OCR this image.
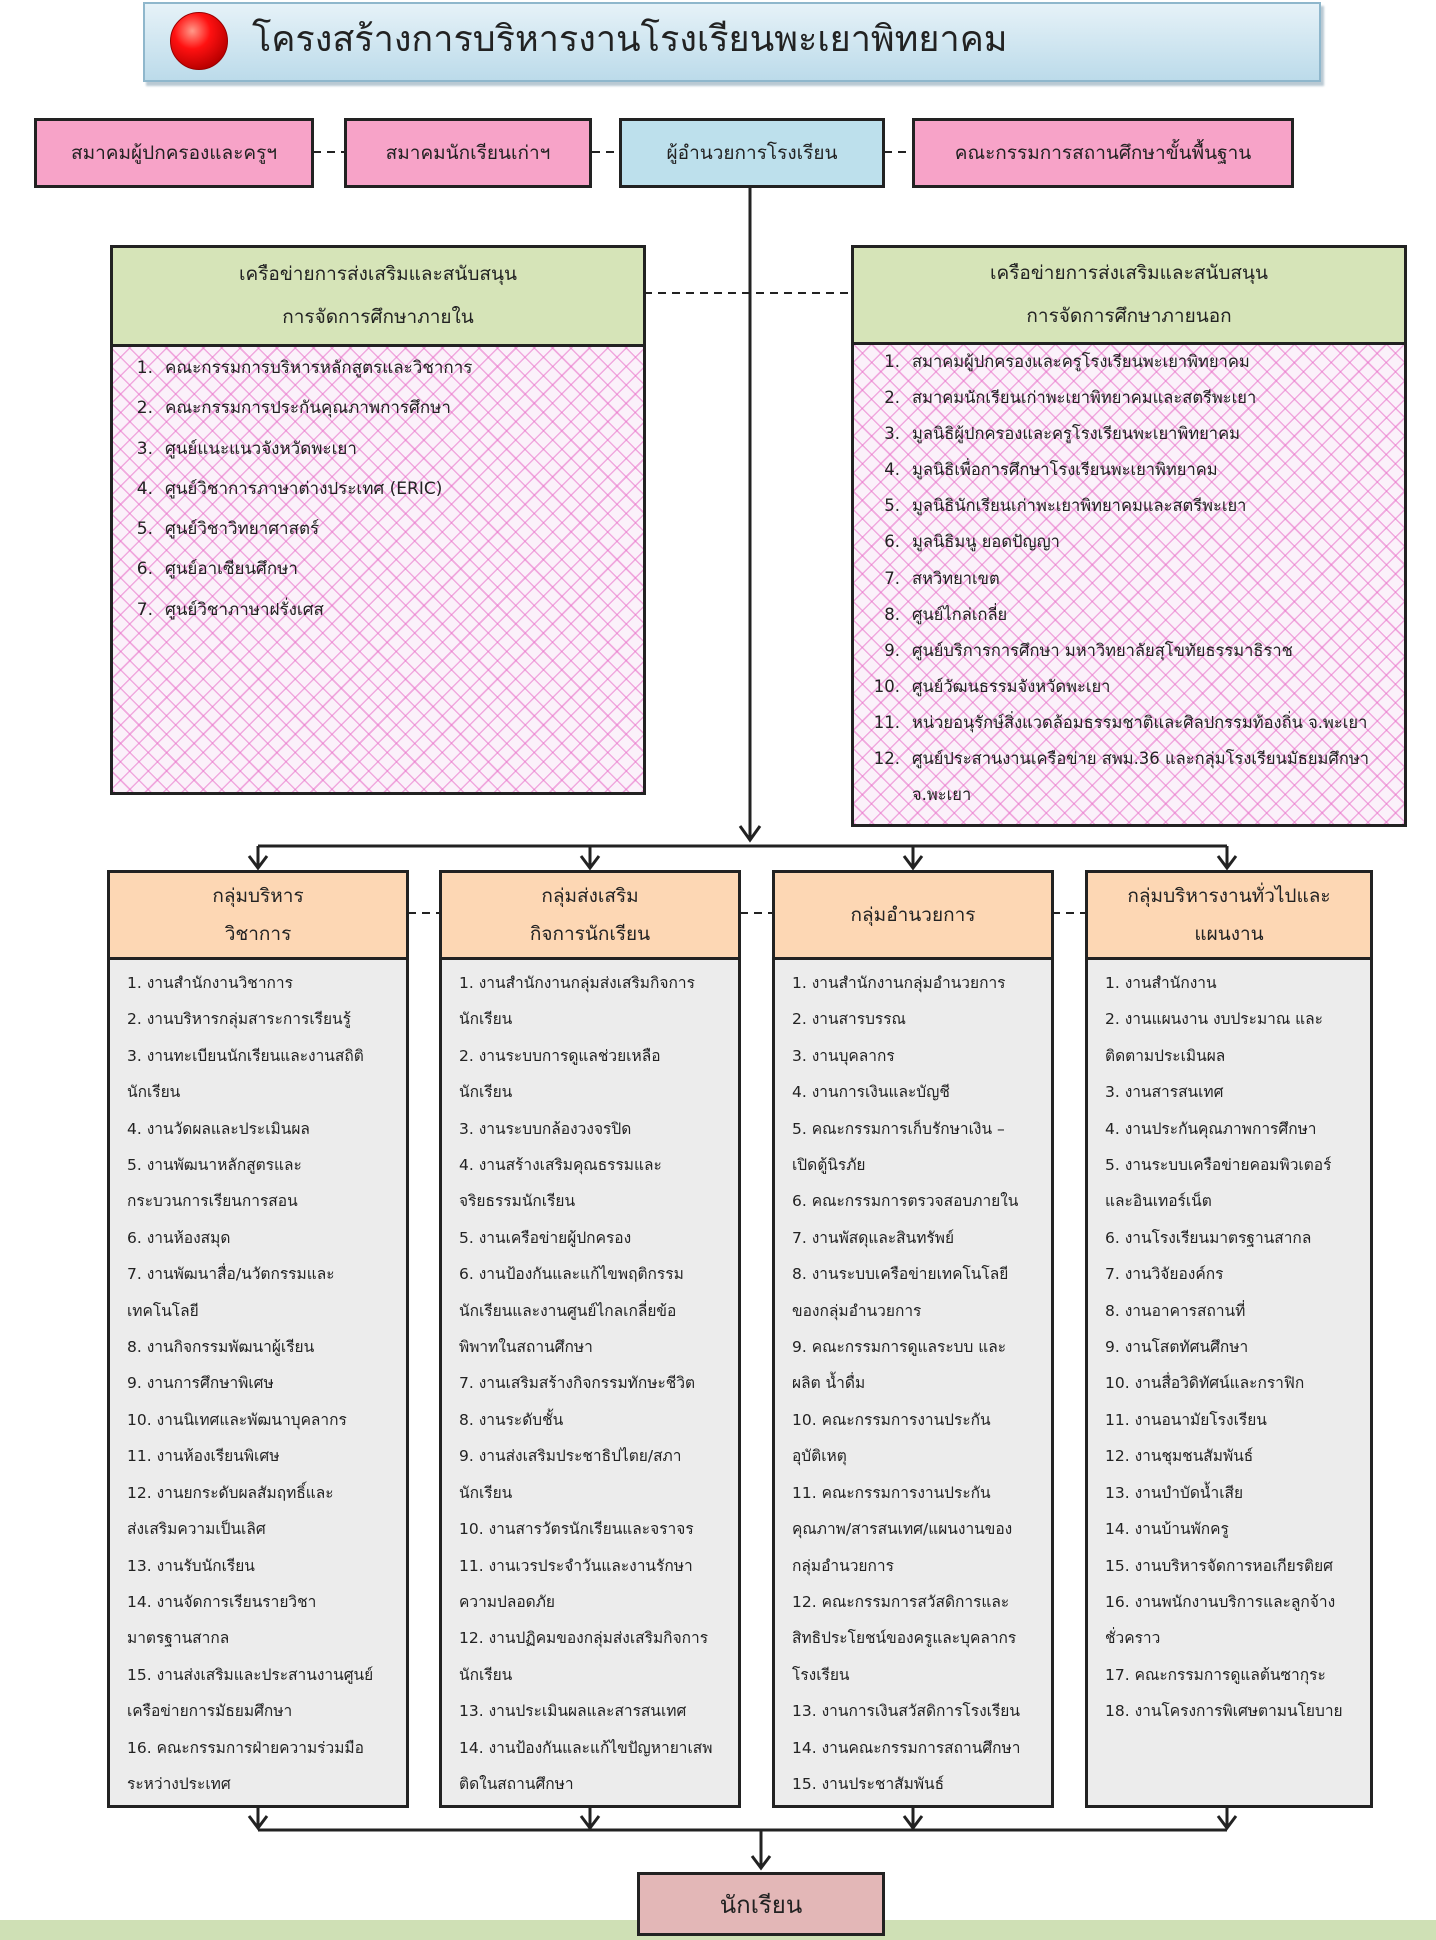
โครงสร้างการบริหารงานโรงเรียนพะเยาพิทยาคม
สมาคมผู้ปกครองและครูฯ	สมาคมนักเรียนเก่าฯ	ผู้อำนวยการโรงเรียน	คณะกรรมการสถานศึกษาขั้นพื้นฐาน
เครือข่ายการส่งเสริมและสนับสนุน
การจัดการศึกษาภายใน
1. คณะกรรมการบริหารหลักสูตรและวิชาการ
2. คณะกรรมการประกันคุณภาพการศึกษา
3. ศูนย์แนะแนวจังหวัดพะเยา
4. ศูนย์วิชาการภาษาต่างประเทศ (ERIC)
5. ศูนย์วิชาวิทยาศาสตร์
6. ศูนย์อาเซียนศึกษา
7. ศูนย์วิชาภาษาฝรั่งเศส
เครือข่ายการส่งเสริมและสนับสนุน
การจัดการศึกษาภายนอก
1. สมาคมผู้ปกครองและครูโรงเรียนพะเยาพิทยาคม
2. สมาคมนักเรียนเก่าพะเยาพิทยาคมและสตรีพะเยา
3. มูลนิธิผู้ปกครองและครูโรงเรียนพะเยาพิทยาคม
4. มูลนิธิเพื่อการศึกษาโรงเรียนพะเยาพิทยาคม
5. มูลนิธินักเรียนเก่าพะเยาพิทยาคมและสตรีพะเยา
6. มูลนิธิมนู ยอดปัญญา
7. สหวิทยาเขต
8. ศูนย์ไกล่เกลี่ย
9. ศูนย์บริการการศึกษา มหาวิทยาลัยสุโขทัยธรรมาธิราช
10. ศูนย์วัฒนธรรมจังหวัดพะเยา
11. หน่วยอนุรักษ์สิ่งแวดล้อมธรรมชาติและศิลปกรรมท้องถิ่น จ.พะเยา
12. ศูนย์ประสานงานเครือข่าย สพม.36 และกลุ่มโรงเรียนมัธยมศึกษา
จ.พะเยา
กลุ่มบริหาร
วิชาการ
1. งานสำนักงานวิชาการ
2. งานบริหารกลุ่มสาระการเรียนรู้
3. งานทะเบียนนักเรียนและงานสถิติ
นักเรียน
4. งานวัดผลและประเมินผล
5. งานพัฒนาหลักสูตรและ
กระบวนการเรียนการสอน
6. งานห้องสมุด
7. งานพัฒนาสื่อ/นวัตกรรมและ
เทคโนโลยี
8. งานกิจกรรมพัฒนาผู้เรียน
9. งานการศึกษาพิเศษ
10. งานนิเทศและพัฒนาบุคลากร
11. งานห้องเรียนพิเศษ
12. งานยกระดับผลสัมฤทธิ์และ
ส่งเสริมความเป็นเลิศ
13. งานรับนักเรียน
14. งานจัดการเรียนรายวิชา
มาตรฐานสากล
15. งานส่งเสริมและประสานงานศูนย์
เครือข่ายการมัธยมศึกษา
16. คณะกรรมการฝ่ายความร่วมมือ
ระหว่างประเทศ
กลุ่มส่งเสริม
กิจการนักเรียน
1. งานสำนักงานกลุ่มส่งเสริมกิจการ
นักเรียน
2. งานระบบการดูแลช่วยเหลือ
นักเรียน
3. งานระบบกล้องวงจรปิด
4. งานสร้างเสริมคุณธรรมและ
จริยธรรมนักเรียน
5. งานเครือข่ายผู้ปกครอง
6. งานป้องกันและแก้ไขพฤติกรรม
นักเรียนและงานศูนย์ไกลเกลี่ยข้อ
พิพาทในสถานศึกษา
7. งานเสริมสร้างกิจกรรมทักษะชีวิต
8. งานระดับชั้น
9. งานส่งเสริมประชาธิปไตย/สภา
นักเรียน
10. งานสารวัตรนักเรียนและจราจร
11. งานเวรประจำวันและงานรักษา
ความปลอดภัย
12. งานปฏิคมของกลุ่มส่งเสริมกิจการ
นักเรียน
13. งานประเมินผลและสารสนเทศ
14. งานป้องกันและแก้ไขปัญหายาเสพ
ติดในสถานศึกษา
กลุ่มอำนวยการ
1. งานสำนักงานกลุ่มอำนวยการ
2. งานสารบรรณ
3. งานบุคลากร
4. งานการเงินและบัญชี
5. คณะกรรมการเก็บรักษาเงิน –
เปิดตู้นิรภัย
6. คณะกรรมการตรวจสอบภายใน
7. งานพัสดุและสินทรัพย์
8. งานระบบเครือข่ายเทคโนโลยี
ของกลุ่มอำนวยการ
9. คณะกรรมการดูแลระบบ และ
ผลิต น้ำดื่ม
10. คณะกรรมการงานประกัน
อุบัติเหตุ
11. คณะกรรมการงานประกัน
คุณภาพ/สารสนเทศ/แผนงานของ
กลุ่มอำนวยการ
12. คณะกรรมการสวัสดิการและ
สิทธิประโยชน์ของครูและบุคลากร
โรงเรียน
13. งานการเงินสวัสดิการโรงเรียน
14. งานคณะกรรมการสถานศึกษา
15. งานประชาสัมพันธ์
กลุ่มบริหารงานทั่วไปและ
แผนงาน
1. งานสำนักงาน
2. งานแผนงาน งบประมาณ และ
ติดตามประเมินผล
3. งานสารสนเทศ
4. งานประกันคุณภาพการศึกษา
5. งานระบบเครือข่ายคอมพิวเตอร์
และอินเทอร์เน็ต
6. งานโรงเรียนมาตรฐานสากล
7. งานวิจัยองค์กร
8. งานอาคารสถานที่
9. งานโสตทัศนศึกษา
10. งานสื่อวิดิทัศน์และกราฟิก
11. งานอนามัยโรงเรียน
12. งานชุมชนสัมพันธ์
13. งานบำบัดน้ำเสีย
14. งานบ้านพักครู
15. งานบริหารจัดการหอเกียรติยศ
16. งานพนักงานบริการและลูกจ้าง
ชั่วคราว
17. คณะกรรมการดูแลต้นซากุระ
18. งานโครงการพิเศษตามนโยบาย
นักเรียน
